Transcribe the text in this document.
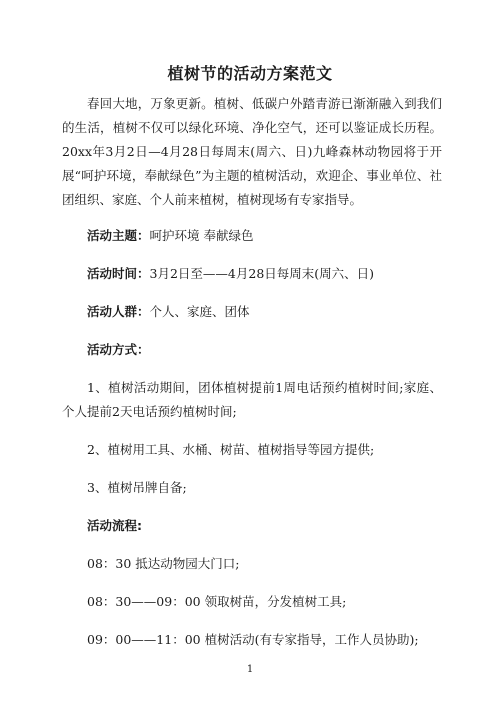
植树节的活动方案范文

春回大地，万象更新。植树、低碳户外踏青游已渐渐融入到我们的生活，植树不仅可以绿化环境、净化空气，还可以鉴证成长历程。20xx年3月2日—4月28日每周末(周六、日)九峰森林动物园将于开展“呵护环境，奉献绿色”为主题的植树活动，欢迎企、事业单位、社团组织、家庭、个人前来植树，植树现场有专家指导。

活动主题：呵护环境 奉献绿色

活动时间：3月2日至——4月28日每周末(周六、日)

活动人群：个人、家庭、团体

活动方式：

1、植树活动期间，团体植树提前1周电话预约植树时间;家庭、个人提前2天电话预约植树时间;

2、植树用工具、水桶、树苗、植树指导等园方提供;

3、植树吊牌自备;

活动流程:

08：30 抵达动物园大门口;

08：30——09：00 领取树苗，分发植树工具;

09：00——11：00 植树活动(有专家指导，工作人员协助);

1
